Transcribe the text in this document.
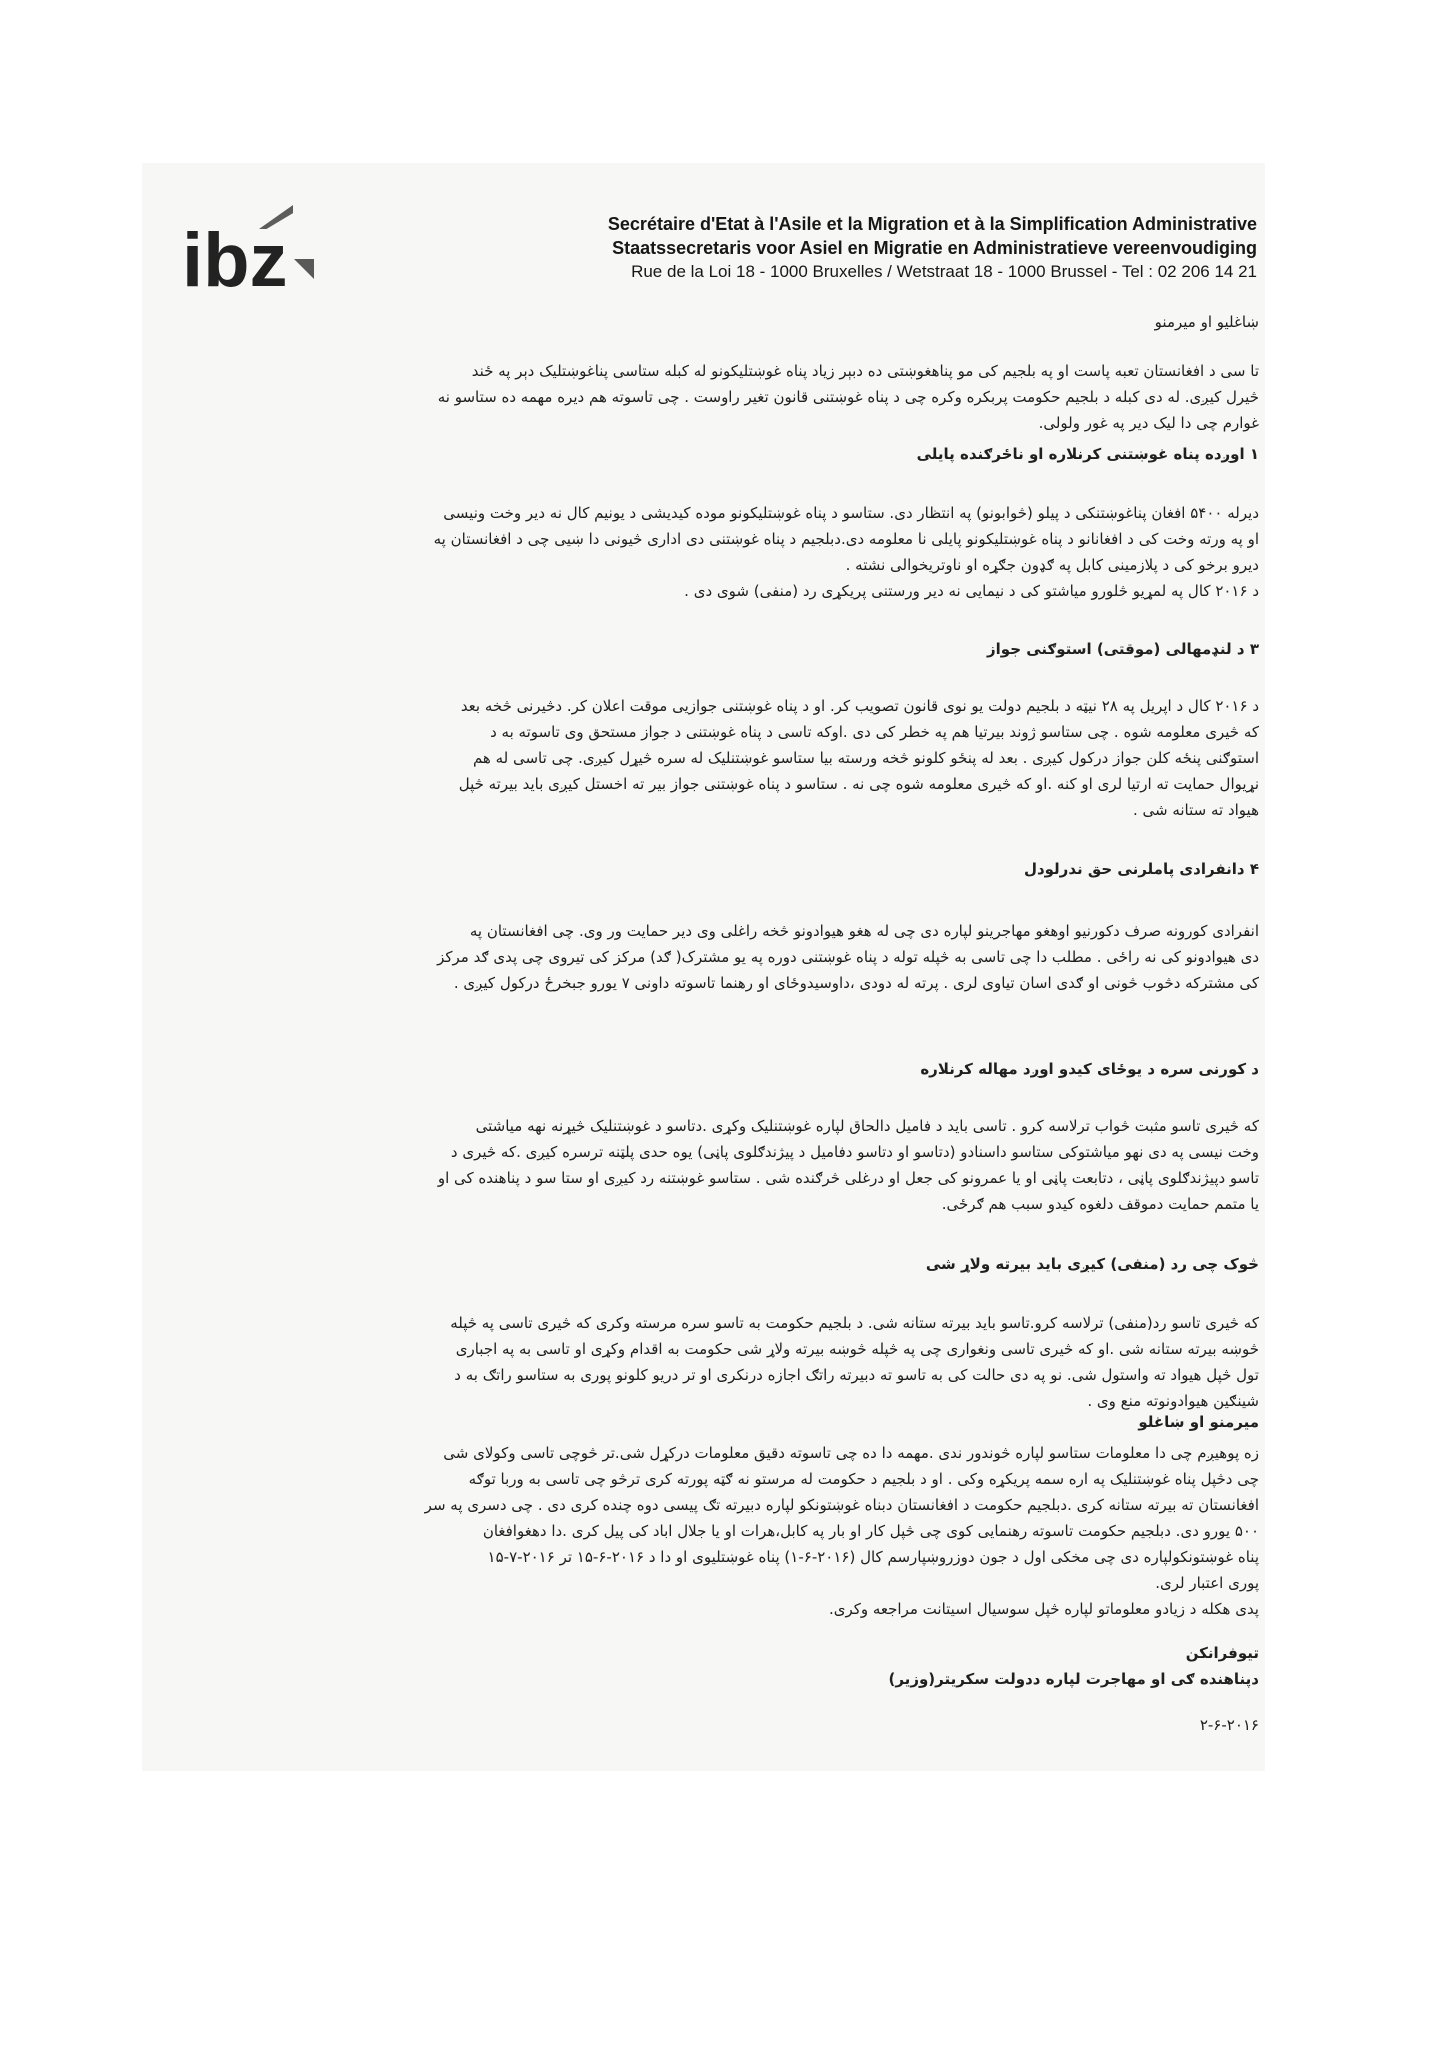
ibz	Secrétaire d'Etat à l'Asile et la Migration et à la Simplification Administrative
Staatssecretaris voor Asiel en Migratie en Administratieve vereenvoudiging
Rue de la Loi 18 - 1000 Bruxelles / Wetstraat 18 - 1000 Brussel - Tel : 02 206 14 21
ښاغليو او ميرمنو
تا سی د افغانستان تعبه پاست او په بلجیم کی مو پناهغوښتی ده دبېر زیاد پناه غوښتلیکونو له کبله ستاسی پناغوښتلیک دېر په ځند
څیرل کیږی. له دی کبله د بلجیم حکومت پربکره وکره چی د پناه غوښتنی قانون تغیر راوست . چی تاسوته هم دیره مهمه ده ستاسو نه
غوارم چی دا لیک دیر په غور ولولی.
۱ اوږده پناه غوښتنی کرنلاره او ناځرګنده پایلی
دیرله ۵۴۰۰ افغان پناغوښتنکی د پیلو (څوابونو) په انتظار دی. ستاسو د پناه غوښتلیکونو موده کیدیشی د یونیم کال نه دیر وخت ونیسی
او په ورته وخت کی د افغانانو د پناه غوښتلیکونو پایلی نا معلومه دی.دبلجیم د پناه غوښتنی دی اداری څیونی دا ښیی چی د افغانستان په
دیرو برخو کی د پلازمینی کابل په ګډون جګړه او ناوتریخوالی نشته .
د ۲۰۱۶ کال په لمړیو څلورو میاشتو کی د نیمایی نه دیر ورستنی پریکړی رد (منفی) شوی دی .
۳ د لنډمهالی (موقتی) استوګنی جواز
د ۲۰۱۶ کال د اپریل په ۲۸ نیټه د بلجیم دولت یو نوی قانون تصویب کر. او د پناه غوښتنی جوازیی موقت اعلان کر. دڅیرنی څخه بعد
که څیری معلومه شوه . چی ستاسو ژوند بیرتیا هم په خطر کی دی .اوکه تاسی د پناه غوښتنی د جواز مستحق وی تاسوته به د
استوګنی پنځه کلن جواز درکول کیږی . بعد له پنځو کلونو څخه ورسته بیا ستاسو غوښتنلیک له سره څیړل کیږی. چی تاسی له هم
نړیوال حمایت ته ارتیا لری او کنه .او که څیری معلومه شوه چی نه . ستاسو د پناه غوښتنی جواز بیر ته اخستل کیږی باید بیرته څپل
هیواد ته ستانه شی .
۴ دانفرادی پاملرنی حق ندرلودل
انفرادی کورونه صرف دکورنیو اوهغو مهاجرینو لپاره دی چی له هغو هیوادونو څخه راغلی وی دیر حمایت ور وی. چی افغانستان په
دی هیوادونو کی نه راځی . مطلب دا چی تاسی به څپله توله د پناه غوښتنی دوره په یو مشترک( ګد) مرکز کی تیروی چی پدی ګد مرکز
کی مشترکه دڅوب څونی او ګدی اسان تیاوی لری . پرته له دودی ،داوسیدوځای او رهنما تاسوته داونی ۷ یورو جبخرځ درکول کیږی .
د کورنی سره د یوځای کیدو اوږد مهاله کرنلاره
که څیری تاسو مثبت څواب ترلاسه کرو . تاسی باید د فامیل دالحاق لپاره غوښتنلیک وکړی .دتاسو د غوښتنلیک څیړنه نهه میاشتی
وخت نیسی په دی نهو میاشتوکی ستاسو داسنادو (دتاسو او دتاسو دفامیل د پیژندګلوی پاڼی) یوه حدی پلټنه ترسره کیږی .که څیری د
تاسو دپیژندګلوی پاڼی ، دتابعت پاڼی او یا عمرونو کی جعل او درغلی څرګنده شی . ستاسو غوښتنه رد کیږی او ستا سو د پناهنده کی او
یا متمم حمایت دموقف دلغوه کیدو سبب هم ګرځی.
څوک چی رد (منفی) کیږی باید بیرته ولاړ شی
که څیری تاسو رد(منفی) ترلاسه کرو.تاسو باید بیرته ستانه شی. د بلجیم حکومت به تاسو سره مرسته وکری که څیری تاسی په څپله
څوښه بیرته ستانه شی .او که څیری تاسی ونغواری چی په څپله څوښه بیرته ولاړ شی حکومت به اقدام وکړی او تاسی به په اجباری
تول څپل هیواد ته واستول شی. نو په دی حالت کی به تاسو ته دبیرته راتګ اجازه درنکری او تر دریو کلونو پوری به ستاسو راتګ به د
شینګین هیوادونوته منع وی .
میرمنو او ښاغلو
زه پوهیږم چی دا معلومات ستاسو لپاره څوندور ندی .مهمه دا ده چی تاسوته دقیق معلومات درکړل شی.تر څوچی تاسی وکولای شی
چی دڅپل پناه غوښتنلیک په اره سمه پریکړه وکی . او د بلجیم د حکومت له مرستو نه ګټه پورته کری ترڅو چی تاسی به وربا توګه
افغانستان ته بیرته ستانه کری .دبلجیم حکومت د افغانستان دبناه غوښتونکو لپاره دبیرته تګ پیسی دوه چنده کری دی . چی دسری په سر
۵۰۰ یورو دی. دبلجیم حکومت تاسوته رهنمایی کوی چی څپل کار او بار په کابل،هرات او یا جلال اباد کی پیل کری .دا دهغوافغان
پناه غوښتونکولپاره دی چی مخکی اول د جون دوزروښپارسم کال (۲۰۱۶-۶-۱) پناه غوښتلیوی او دا د ۲۰۱۶-۶-۱۵ تر ۲۰۱۶-۷-۱۵
پوری اعتبار لری.
پدی هکله د زیادو معلوماتو لپاره څپل سوسیال اسیتانت مراجعه وکری.
تیوفرانکن
دپناهنده ګی او مهاجرت لپاره ددولت سکریتر(وزیر)
۲-۶-۲۰۱۶
